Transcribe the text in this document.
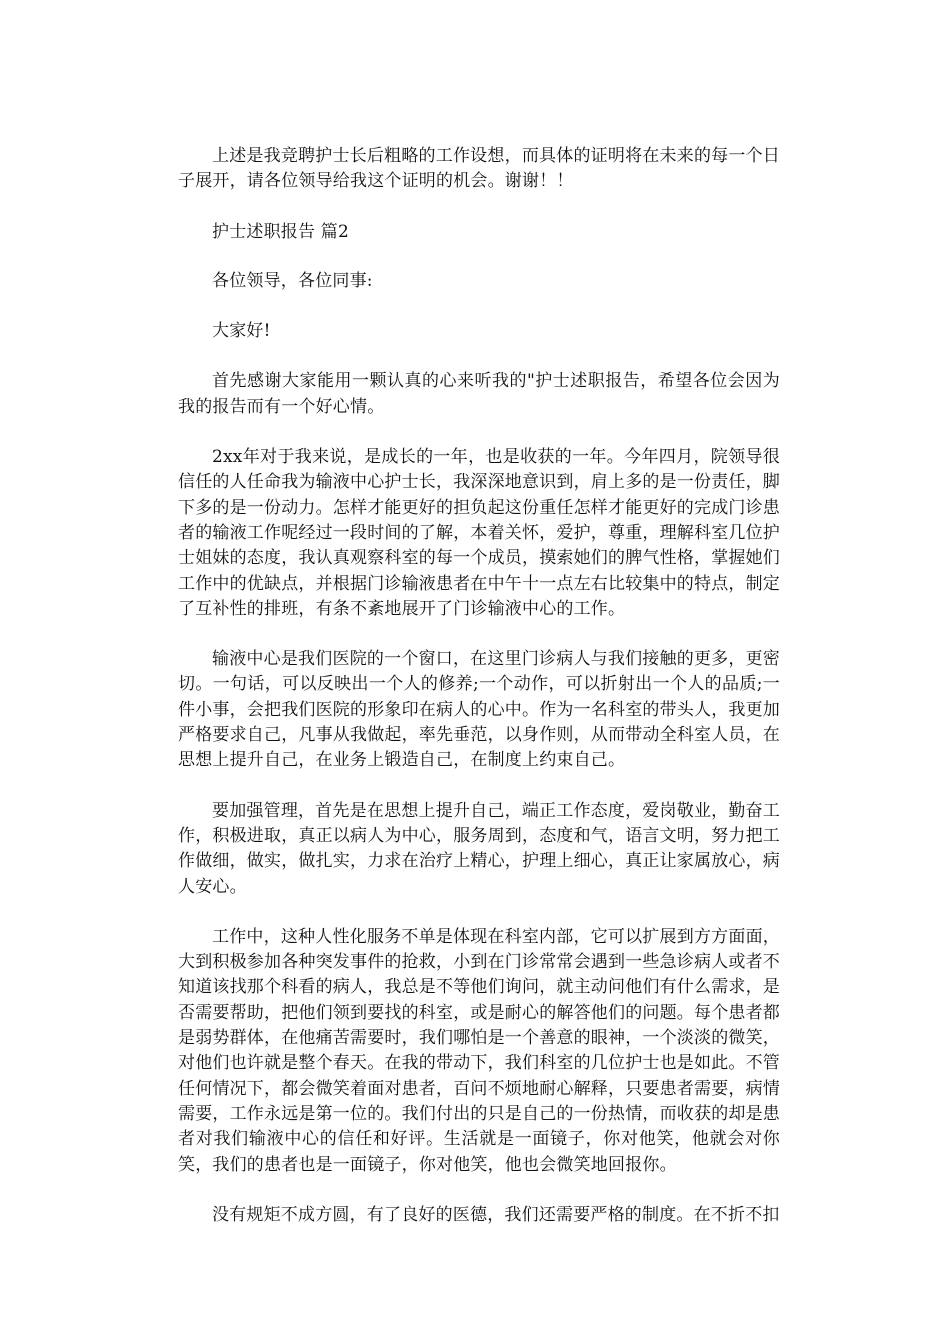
上述是我竞聘护士长后粗略的工作设想，而具体的证明将在未来的每一个日子展开，请各位领导给我这个证明的机会。谢谢！！

护士述职报告 篇2

各位领导，各位同事:

大家好!

首先感谢大家能用一颗认真的心来听我的"护士述职报告，希望各位会因为我的报告而有一个好心情。

2xx年对于我来说，是成长的一年，也是收获的一年。今年四月，院领导很信任的人任命我为输液中心护士长，我深深地意识到，肩上多的是一份责任，脚下多的是一份动力。怎样才能更好的担负起这份重任怎样才能更好的完成门诊患者的输液工作呢经过一段时间的了解，本着关怀，爱护，尊重，理解科室几位护士姐妹的态度，我认真观察科室的每一个成员，摸索她们的脾气性格，掌握她们工作中的优缺点，并根据门诊输液患者在中午十一点左右比较集中的特点，制定了互补性的排班，有条不紊地展开了门诊输液中心的工作。

输液中心是我们医院的一个窗口，在这里门诊病人与我们接触的更多，更密切。一句话，可以反映出一个人的修养;一个动作，可以折射出一个人的品质;一件小事，会把我们医院的形象印在病人的心中。作为一名科室的带头人，我更加严格要求自己，凡事从我做起，率先垂范，以身作则，从而带动全科室人员，在思想上提升自己，在业务上锻造自己，在制度上约束自己。

要加强管理，首先是在思想上提升自己，端正工作态度，爱岗敬业，勤奋工作，积极进取，真正以病人为中心，服务周到，态度和气，语言文明，努力把工作做细，做实，做扎实，力求在治疗上精心，护理上细心，真正让家属放心，病人安心。

工作中，这种人性化服务不单是体现在科室内部，它可以扩展到方方面面，大到积极参加各种突发事件的抢救，小到在门诊常常会遇到一些急诊病人或者不知道该找那个科看的病人，我总是不等他们询问，就主动问他们有什么需求，是否需要帮助，把他们领到要找的科室，或是耐心的解答他们的问题。每个患者都是弱势群体，在他痛苦需要时，我们哪怕是一个善意的眼神，一个淡淡的微笑，对他们也许就是整个春天。在我的带动下，我们科室的几位护士也是如此。不管任何情况下，都会微笑着面对患者，百问不烦地耐心解释，只要患者需要，病情需要，工作永远是第一位的。我们付出的只是自己的一份热情，而收获的却是患者对我们输液中心的信任和好评。生活就是一面镜子，你对他笑，他就会对你笑，我们的患者也是一面镜子，你对他笑，他也会微笑地回报你。

没有规矩不成方圆，有了良好的医德，我们还需要严格的制度。在不折不扣
